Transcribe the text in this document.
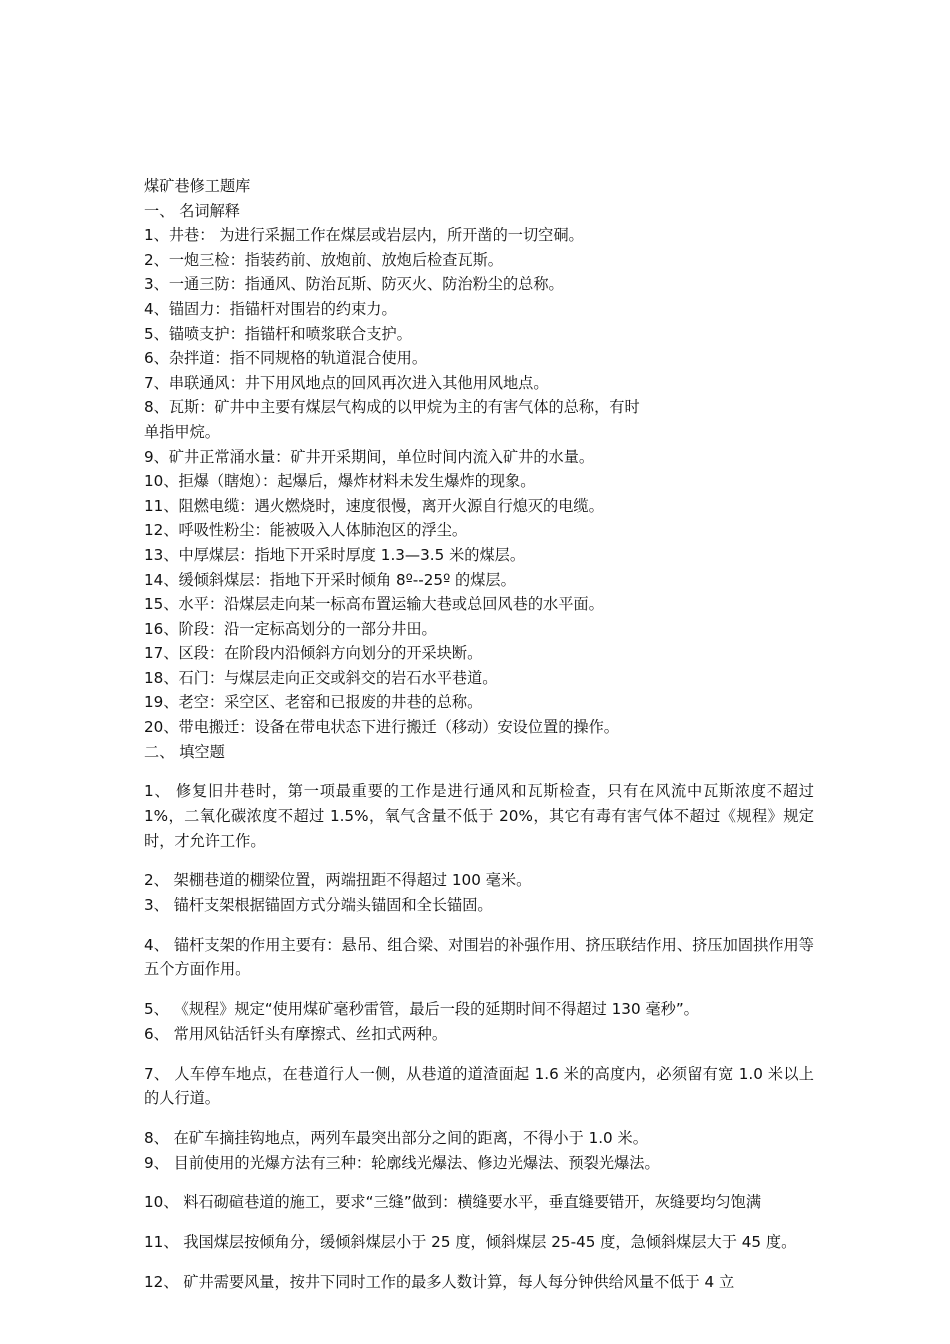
煤矿巷修工题库

一、 名词解释

1、井巷： 为进行采掘工作在煤层或岩层内，所开凿的一切空硐。

2、一炮三检：指装药前、放炮前、放炮后检查瓦斯。

3、一通三防：指通风、防治瓦斯、防灭火、防治粉尘的总称。

4、锚固力：指锚杆对围岩的约束力。

5、锚喷支护：指锚杆和喷浆联合支护。

6、杂拌道：指不同规格的轨道混合使用。

7、串联通风：井下用风地点的回风再次进入其他用风地点。

8、瓦斯：矿井中主要有煤层气构成的以甲烷为主的有害气体的总称，有时

单指甲烷。

9、矿井正常涌水量：矿井开采期间，单位时间内流入矿井的水量。

10、拒爆（瞎炮）：起爆后，爆炸材料未发生爆炸的现象。

11、阻燃电缆：遇火燃烧时，速度很慢，离开火源自行熄灭的电缆。

12、呼吸性粉尘：能被吸入人体肺泡区的浮尘。

13、中厚煤层：指地下开采时厚度 1.3—3.5 米的煤层。

14、缓倾斜煤层：指地下开采时倾角 8º--25º 的煤层。

15、水平：沿煤层走向某一标高布置运输大巷或总回风巷的水平面。

16、阶段：沿一定标高划分的一部分井田。

17、区段：在阶段内沿倾斜方向划分的开采块断。

18、石门：与煤层走向正交或斜交的岩石水平巷道。

19、老空：采空区、老窑和已报废的井巷的总称。

20、带电搬迁：设备在带电状态下进行搬迁（移动）安设位置的操作。

二、 填空题

1、 修复旧井巷时，第一项最重要的工作是进行通风和瓦斯检查，只有在风流中瓦斯浓度不超过 1%，二氧化碳浓度不超过 1.5%，氧气含量不低于 20%，其它有毒有害气体不超过《规程》规定时，才允许工作。

2、 架棚巷道的棚梁位置，两端扭距不得超过 100 毫米。

3、 锚杆支架根据锚固方式分端头锚固和全长锚固。

4、 锚杆支架的作用主要有：悬吊、组合梁、对围岩的补强作用、挤压联结作用、挤压加固拱作用等五个方面作用。

5、 《规程》规定“使用煤矿毫秒雷管，最后一段的延期时间不得超过 130 毫秒”。

6、 常用风钻活钎头有摩擦式、丝扣式两种。

7、 人车停车地点，在巷道行人一侧，从巷道的道渣面起 1.6 米的高度内，必须留有宽 1.0 米以上的人行道。

8、 在矿车摘挂钩地点，两列车最突出部分之间的距离，不得小于 1.0 米。

9、 目前使用的光爆方法有三种：轮廓线光爆法、修边光爆法、预裂光爆法。

10、 料石砌碹巷道的施工，要求“三缝”做到：横缝要水平，垂直缝要错开，灰缝要均匀饱满

11、 我国煤层按倾角分，缓倾斜煤层小于 25 度，倾斜煤层 25-45 度，急倾斜煤层大于 45 度。

12、 矿井需要风量，按井下同时工作的最多人数计算，每人每分钟供给风量不低于 4 立
